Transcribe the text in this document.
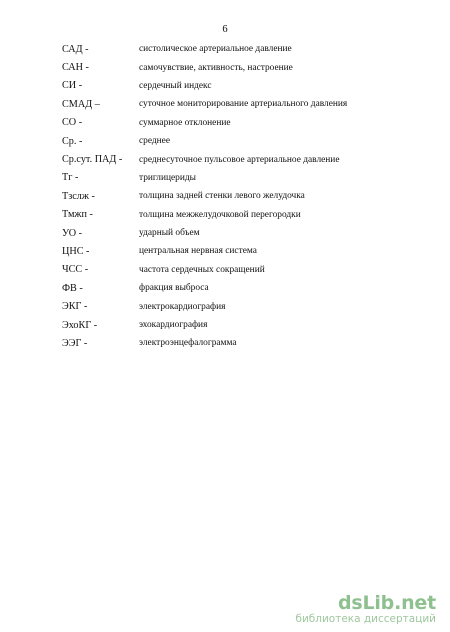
6
САД -	систолическое артериальное давление
САН -	самочувствие, активность, настроение
СИ -	сердечный индекс
СМАД –	суточное мониторирование артериального давления
СО -	суммарное отклонение
Ср. -	среднее
Ср.сут. ПАД -	среднесуточное пульсовое артериальное давление
Тг -	триглицериды
Тзслж -	толщина задней стенки левого желудочка
Тмжп -	толщина межжелудочковой перегородки
УО -	ударный объем
ЦНС -	центральная нервная система
ЧСС -	частота сердечных сокращений
ФВ -	фракция выброса
ЭКГ -	электрокардиография
ЭхоКГ -	эхокардиография
ЭЭГ -	электроэнцефалограмма
dsLib.net
библиотека диссертаций
